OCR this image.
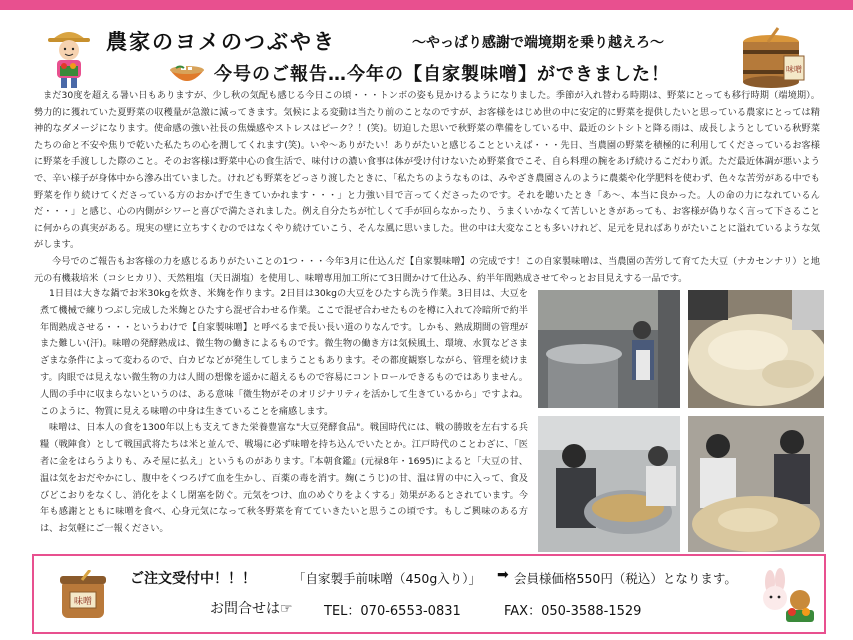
農家のヨメのつぶやき	～やっぱり感謝で端境期を乗り越えろ～
今号のご報告…今年の【自家製味噌】ができました！	味噌

まだ30度を超える暑い日もありますが、少し秋の気配も感じる今日この頃・・・トンボの姿も見かけるようになりました。季節が入れ替わる時期は、野菜にとっても移行時期（端境期）。勢力的に獲れていた夏野菜の収穫量が急激に減ってきます。気候による変動は当たり前のことなのですが、お客様をはじめ世の中に安定的に野菜を提供したいと思っている農家にとっては精神的なダメージになります。使命感の強い社長の焦燥感やストレスはピーク？！(笑)。切迫した思いで秋野菜の準備をしている中、最近のシトシトと降る雨は、成長しようとしている秋野菜たちの命と不安や焦りで乾いた私たちの心を潤してくれます(笑)。いや～ありがたい！ありがたいと感じることといえば・・・先日、当農園の野菜を積極的に利用してくださっているお客様に野菜を手渡しした際のこと。そのお客様は野菜中心の食生活で、味付けの濃い食事は体が受け付けないため野菜食でこそ、自ら料理の腕をあげ続けるこだわり派。ただ最近体調が悪いようで、辛い様子が身体中から滲み出ていました。けれども野菜をどっさり渡したときに、「私たちのようなものは、みやざき農園さんのように農薬や化学肥料を使わず、色々な苦労がある中でも野菜を作り続けてくださっている方のおかげで生きていかれます・・・」と力強い目で言ってくださったのです。それを聴いたとき「あ～、本当に良かった。人の命の力になれているんだ・・・」と感じ、心の内側がシワーと喜びで満たされました。例え自分たちが忙しくて手が回らなかったり、うまくいかなくて苦しいときがあっても、お客様が偽りなく言って下さることに何からの真実がある。現実の壁に立ちすくむのではなくやり続けていこう、そんな風に思いました。世の中は大変なことも多いけれど、足元を見ればありがたいことに溢れているような気がします。

今号でのご報告もお客様の力を感じるありがたいことの1つ・・・今年3月に仕込んだ【自家製味噌】の完成です！この自家製味噌は、当農園の苦労して育てた大豆（ナカセンナリ）と地元の有機栽培米（コシヒカリ）、天然粗塩（天日湖塩）を使用し、味噌専用加工所にて3日間かけて仕込み、約半年間熟成させてやっとお目見えする一品です。

1日目は大きな鍋でお米30kgを炊き、米麹を作ります。2日目は30kgの大豆をひたすら洗う作業。3日目は、大豆を煮て機械で練りつぶし完成した米麹とひたすら混ぜ合わせる作業。ここで混ぜ合わせたものを樽に入れて冷暗所で約半年間熟成させる・・・というわけで【自家製味噌】と呼べるまで長い長い道のりなんです。しかも、熟成期間の管理がまた難しい(汗)。味噌の発酵熟成は、微生物の働きによるものです。微生物の働き方は気候風土、環境、水質などさまざまな条件によって変わるので、白カビなどが発生してしまうこともあります。その都度観察しながら、管理を続けます。肉眼では見えない微生物の力は人間の想像を遥かに超えるもので容易にコントロールできるものではありません。人間の手中に収まらないというのは、ある意味「微生物がそのオリジナリティを活かして生きているから」ですよね。このように、物質に見える味噌の中身は生きていることを痛感します。

味噌は、日本人の食を1300年以上も支えてきた栄養豊富な"大豆発酵食品"。戦国時代には、戦の勝敗を左右する兵糧（戦陣食）として戦国武将たちは米と並んで、戦場に必ず味噌を持ち込んでいたとか。江戸時代のことわざに、「医者に金をはらうよりも、みそ屋に払え」というものがあります。『本朝食鑑』(元禄8年・1695)によると「大豆の甘、温は気をおだやかにし、腹中をくつろげて血を生かし、百薬の毒を消す。麹(こうじ)の甘、温は胃の中に入って、食及びどこおりをなくし、消化をよくし閉塞を防ぐ。元気をつけ、血のめぐりをよくする」効果があるとされています。今年も感謝とともに味噌を食べ、心身元気になって秋冬野菜を育てていきたいと思うこの頃です。もしご興味のある方は、お気軽にご一報ください。

味噌
ご注文受付中！！！	「自家製手前味噌（450g入り）」 ➡ 会員様価格550円（税込）となります。
お問合せは☞ TEL：070-6553-0831	FAX：050-3588-1529
